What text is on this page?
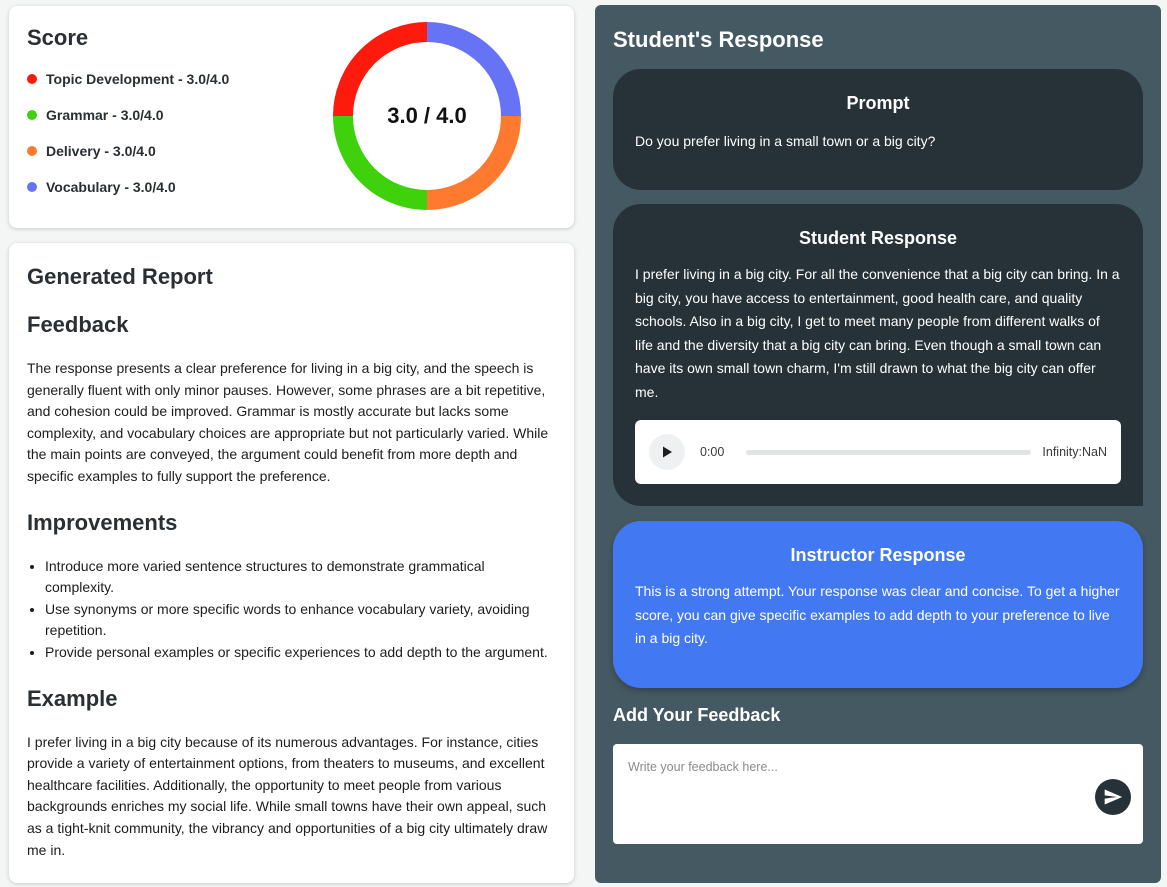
Score
Topic Development - 3.0/4.0
Grammar - 3.0/4.0
Delivery - 3.0/4.0
Vocabulary - 3.0/4.0
3.0 / 4.0
Generated Report
Feedback

The response presents a clear preference for living in a big city, and the speech is generally fluent with only minor pauses. However, some phrases are a bit repetitive, and cohesion could be improved. Grammar is mostly accurate but lacks some complexity, and vocabulary choices are appropriate but not particularly varied. While the main points are conveyed, the argument could benefit from more depth and specific examples to fully support the preference.

Improvements
• Introduce more varied sentence structures to demonstrate grammatical complexity.
• Use synonyms or more specific words to enhance vocabulary variety, avoiding repetition.
• Provide personal examples or specific experiences to add depth to the argument.
Example

I prefer living in a big city because of its numerous advantages. For instance, cities provide a variety of entertainment options, from theaters to museums, and excellent healthcare facilities. Additionally, the opportunity to meet people from various backgrounds enriches my social life. While small towns have their own appeal, such as a tight-knit community, the vibrancy and opportunities of a big city ultimately draw me in.

Student's Response
Prompt

Do you prefer living in a small town or a big city?

Student Response

I prefer living in a big city. For all the convenience that a big city can bring. In a big city, you have access to entertainment, good health care, and quality schools. Also in a big city, I get to meet many people from different walks of life and the diversity that a big city can bring. Even though a small town can have its own small town charm, I'm still drawn to what the big city can offer me.

0:00	Infinity:NaN
Instructor Response

This is a strong attempt. Your response was clear and concise. To get a higher score, you can give specific examples to add depth to your preference to live in a big city.

Add Your Feedback
Write your feedback here...
